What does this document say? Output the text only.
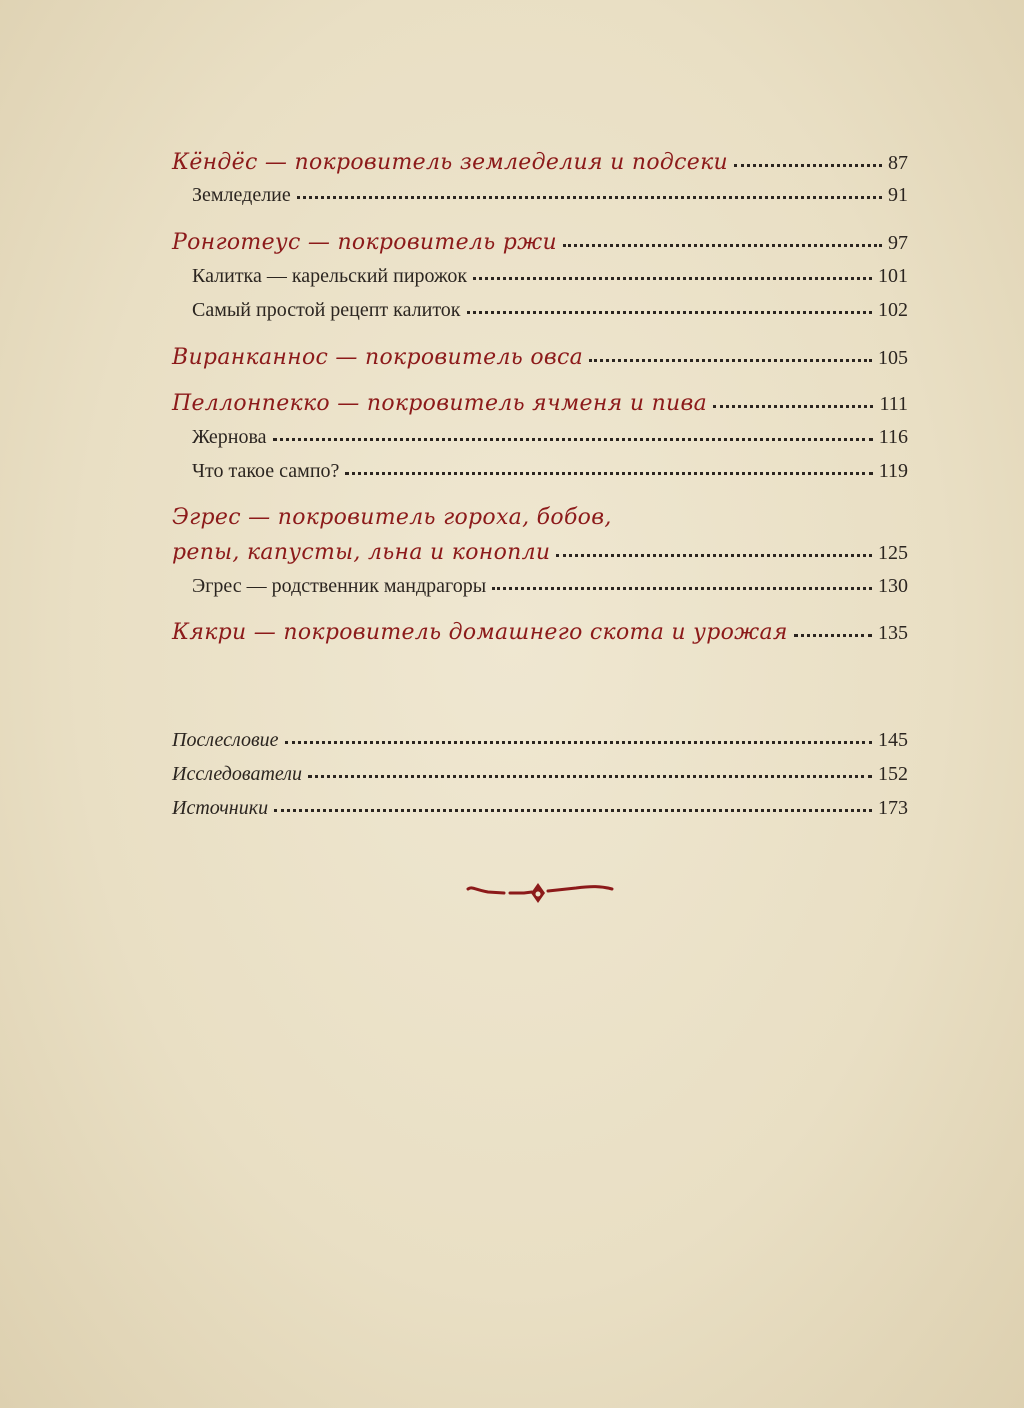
Кёндёс — покровитель земледелия и подсеки	87
Земледелие	91
Ронготеус — покровитель ржи	97
Калитка — карельский пирожок	101
Самый простой рецепт калиток	102
Виранканнос — покровитель овса	105
Пеллонпекко — покровитель ячменя и пива	111
Жернова	116
Что такое сампо?	119
Эгрес — покровитель гороха, бобов,
репы, капусты, льна и конопли	125
Эгрес — родственник мандрагоры	130
Кякри — покровитель домашнего скота и урожая	135
Послесловие	145
Исследователи	152
Источники	173
